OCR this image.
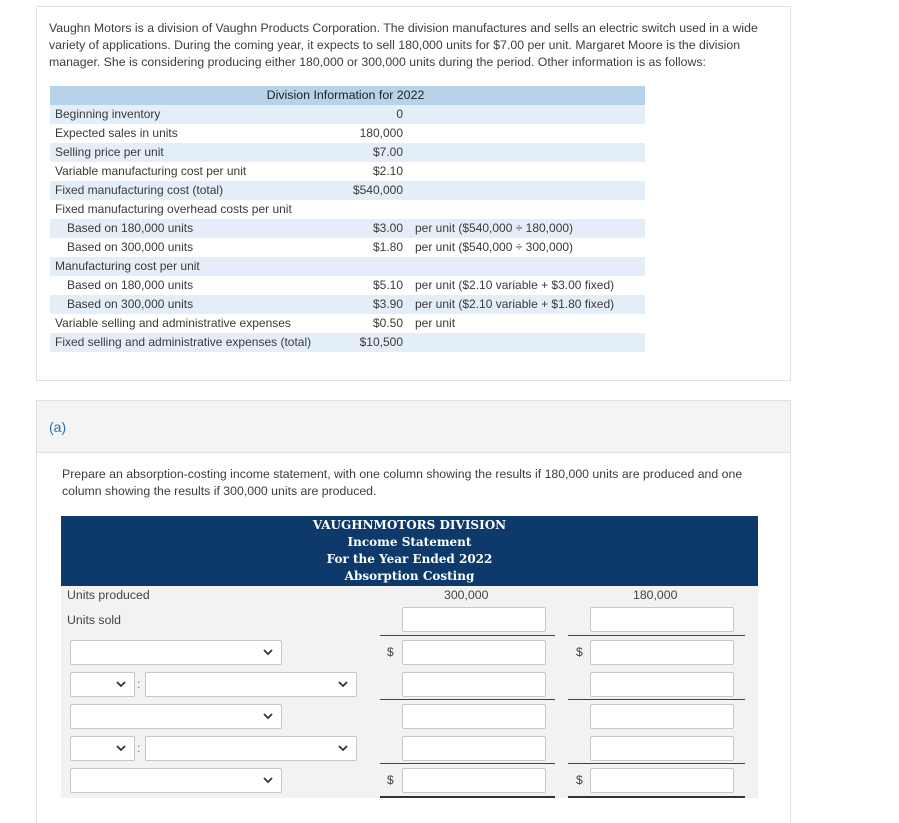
Vaughn Motors is a division of Vaughn Products Corporation. The division manufactures and sells an electric switch used in a wide variety of applications. During the coming year, it expects to sell 180,000 units for $7.00 per unit. Margaret Moore is the division manager. She is considering producing either 180,000 or 300,000 units during the period. Other information is as follows:

Division Information for 2022
Beginning inventory	0
Expected sales in units	180,000
Selling price per unit	$7.00
Variable manufacturing cost per unit	$2.10
Fixed manufacturing cost (total)	$540,000
Fixed manufacturing overhead costs per unit
Based on 180,000 units	$3.00 per unit ($540,000 ÷ 180,000)
Based on 300,000 units	$1.80 per unit ($540,000 ÷ 300,000)
Manufacturing cost per unit
Based on 180,000 units	$5.10 per unit ($2.10 variable + $3.00 fixed)
Based on 300,000 units	$3.90 per unit ($2.10 variable + $1.80 fixed)
Variable selling and administrative expenses	$0.50 per unit
Fixed selling and administrative expenses (total)	$10,500
(a)

Prepare an absorption-costing income statement, with one column showing the results if 180,000 units are produced and one column showing the results if 300,000 units are produced.

VAUGHNMOTORS DIVISION
Income Statement
For the Year Ended 2022
Absorption Costing
Units produced	300,000	180,000
Units sold
$	$
:
:
$	$
